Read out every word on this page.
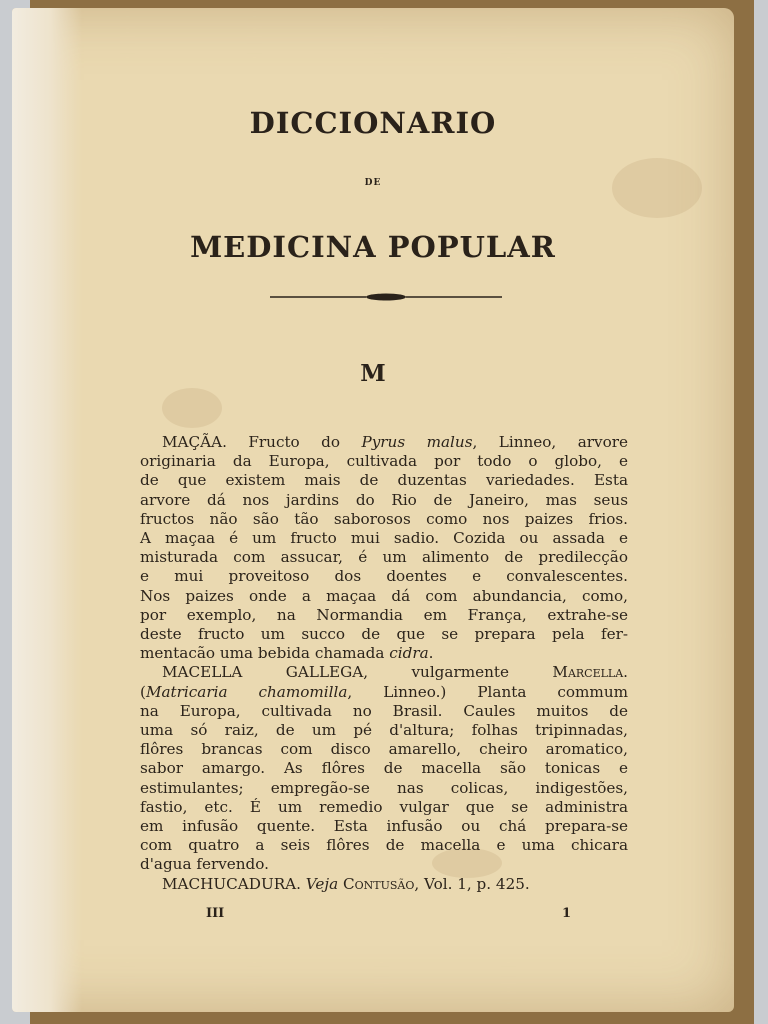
DICCIONARIO
DE
MEDICINA POPULAR
M
MAÇÃA. Fructo do Pyrus malus, Linneo, arvore
originaria da Europa, cultivada por todo o globo, e
de que existem mais de duzentas variedades. Esta
arvore dá nos jardins do Rio de Janeiro, mas seus
fructos não são tão saborosos como nos paizes frios.
A maçaa é um fructo mui sadio. Cozida ou assada e
misturada com assucar, é um alimento de predilecção
e mui proveitoso dos doentes e convalescentes.
Nos paizes onde a maçaa dá com abundancia, como,
por exemplo, na Normandia em França, extrahe-se
deste fructo um succo de que se prepara pela fer-
mentacão uma bebida chamada cidra.
MACELLA GALLEGA, vulgarmente Marcella.
(Matricaria chamomilla, Linneo.) Planta commum
na Europa, cultivada no Brasil. Caules muitos de
uma só raiz, de um pé d'altura; folhas tripinnadas,
flôres brancas com disco amarello, cheiro aromatico,
sabor amargo. As flôres de macella são tonicas e
estimulantes; empregão-se nas colicas, indigestões,
fastio, etc. É um remedio vulgar que se administra
em infusão quente. Esta infusão ou chá prepara-se
com quatro a seis flôres de macella e uma chicara
d'agua fervendo.
MACHUCADURA. Veja Contusão, Vol. 1, p. 425.
III	1
